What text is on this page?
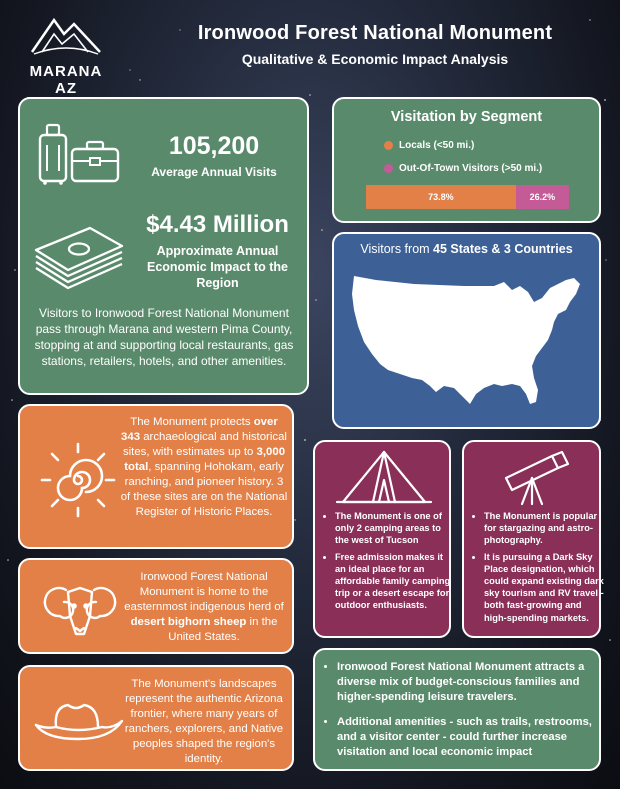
MARANA AZ
Ironwood Forest National Monument
Qualitative & Economic Impact Analysis
105,200
Average Annual Visits
$4.43 Million
Approximate Annual Economic Impact to the Region
Visitors to Ironwood Forest National Monument pass through Marana and western Pima County, stopping at and supporting local restaurants, gas stations, retailers, hotels, and other amenities.
Visitation by Segment
Locals (<50 mi.)
Out-Of-Town Visitors (>50 mi.)
73.8%	26.2%
Visitors from 45 States & 3 Countries
The Monument protects over 343 archaeological and historical sites, with estimates up to 3,000 total, spanning Hohokam, early ranching, and pioneer history. 3 of these sites are on the National Register of Historic Places.
Ironwood Forest National Monument is home to the easternmost indigenous herd of desert bighorn sheep in the United States.
The Monument's landscapes represent the authentic Arizona frontier, where many years of ranchers, explorers, and Native peoples shaped the region's identity.
• The Monument is one of only 2 camping areas to the west of Tucson
• Free admission makes it an ideal place for an affordable family camping trip or a desert escape for outdoor enthusiasts.
• The Monument is popular for stargazing and astro-photography.
• It is pursuing a Dark Sky Place designation, which could expand existing dark sky tourism and RV travel - both fast-growing and high-spending markets.
• Ironwood Forest National Monument attracts a diverse mix of budget-conscious families and higher-spending leisure travelers.
• Additional amenities - such as trails, restrooms, and a visitor center - could further increase visitation and local economic impact
